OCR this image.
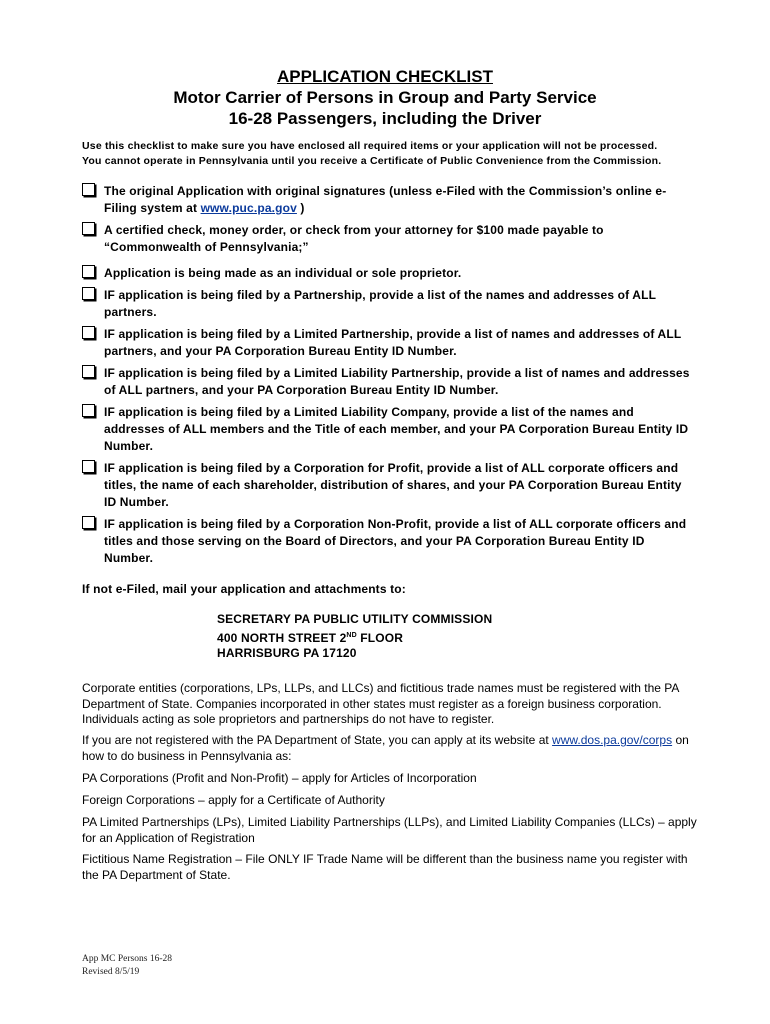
APPLICATION CHECKLIST
Motor Carrier of Persons in Group and Party Service
16-28 Passengers, including the Driver
Use this checklist to make sure you have enclosed all required items or your application will not be processed.
You cannot operate in Pennsylvania until you receive a Certificate of Public Convenience from the Commission.
The original Application with original signatures (unless e-Filed with the Commission’s online e-Filing system at www.puc.pa.gov )
A certified check, money order, or check from your attorney for $100 made payable to “Commonwealth of Pennsylvania;”
Application is being made as an individual or sole proprietor.
IF application is being filed by a Partnership, provide a list of the names and addresses of ALL partners.
IF application is being filed by a Limited Partnership, provide a list of names and addresses of ALL partners, and your PA Corporation Bureau Entity ID Number.
IF application is being filed by a Limited Liability Partnership, provide a list of names and addresses of ALL partners, and your PA Corporation Bureau Entity ID Number.
IF application is being filed by a Limited Liability Company, provide a list of the names and addresses of ALL members and the Title of each member, and your PA Corporation Bureau Entity ID Number.
IF application is being filed by a Corporation for Profit, provide a list of ALL corporate officers and titles, the name of each shareholder, distribution of shares, and your PA Corporation Bureau Entity ID Number.
IF application is being filed by a Corporation Non-Profit, provide a list of ALL corporate officers and titles and those serving on the Board of Directors, and your PA Corporation Bureau Entity ID Number.
If not e-Filed, mail your application and attachments to:
SECRETARY PA PUBLIC UTILITY COMMISSION
400 NORTH STREET 2ND FLOOR
HARRISBURG PA 17120

Corporate entities (corporations, LPs, LLPs, and LLCs) and fictitious trade names must be registered with the PA Department of State. Companies incorporated in other states must register as a foreign business corporation. Individuals acting as sole proprietors and partnerships do not have to register.

If you are not registered with the PA Department of State, you can apply at its website at www.dos.pa.gov/corps on how to do business in Pennsylvania as:

PA Corporations (Profit and Non-Profit) – apply for Articles of Incorporation

Foreign Corporations – apply for a Certificate of Authority

PA Limited Partnerships (LPs), Limited Liability Partnerships (LLPs), and Limited Liability Companies (LLCs) – apply for an Application of Registration

Fictitious Name Registration – File ONLY IF Trade Name will be different than the business name you register with the PA Department of State.

App MC Persons 16-28
Revised 8/5/19
